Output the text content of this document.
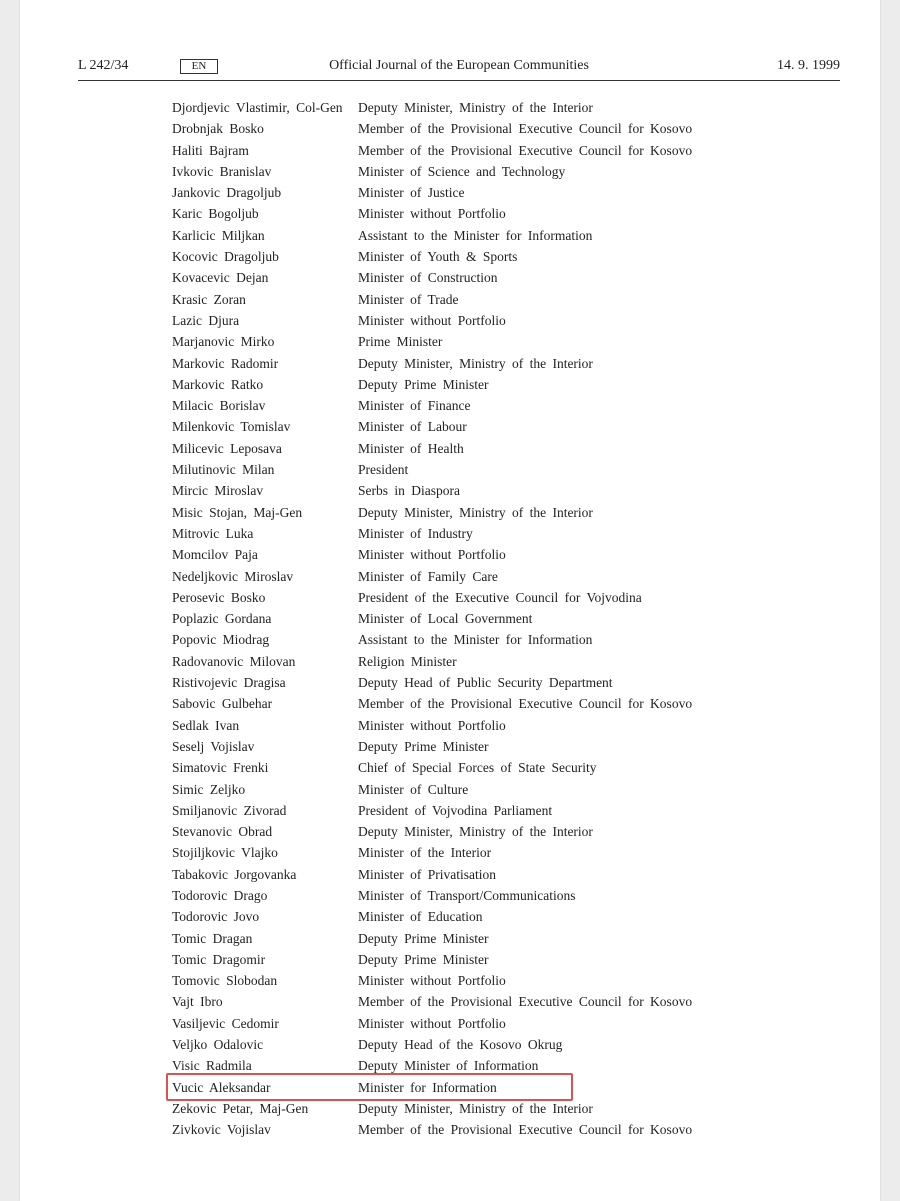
L 242/34	EN	Official Journal of the European Communities	14. 9. 1999
Djordjevic Vlastimir, Col-Gen	Deputy Minister, Ministry of the Interior
Drobnjak Bosko	Member of the Provisional Executive Council for Kosovo
Haliti Bajram	Member of the Provisional Executive Council for Kosovo
Ivkovic Branislav	Minister of Science and Technology
Jankovic Dragoljub	Minister of Justice
Karic Bogoljub	Minister without Portfolio
Karlicic Miljkan	Assistant to the Minister for Information
Kocovic Dragoljub	Minister of Youth & Sports
Kovacevic Dejan	Minister of Construction
Krasic Zoran	Minister of Trade
Lazic Djura	Minister without Portfolio
Marjanovic Mirko	Prime Minister
Markovic Radomir	Deputy Minister, Ministry of the Interior
Markovic Ratko	Deputy Prime Minister
Milacic Borislav	Minister of Finance
Milenkovic Tomislav	Minister of Labour
Milicevic Leposava	Minister of Health
Milutinovic Milan	President
Mircic Miroslav	Serbs in Diaspora
Misic Stojan, Maj-Gen	Deputy Minister, Ministry of the Interior
Mitrovic Luka	Minister of Industry
Momcilov Paja	Minister without Portfolio
Nedeljkovic Miroslav	Minister of Family Care
Perosevic Bosko	President of the Executive Council for Vojvodina
Poplazic Gordana	Minister of Local Government
Popovic Miodrag	Assistant to the Minister for Information
Radovanovic Milovan	Religion Minister
Ristivojevic Dragisa	Deputy Head of Public Security Department
Sabovic Gulbehar	Member of the Provisional Executive Council for Kosovo
Sedlak Ivan	Minister without Portfolio
Seselj Vojislav	Deputy Prime Minister
Simatovic Frenki	Chief of Special Forces of State Security
Simic Zeljko	Minister of Culture
Smiljanovic Zivorad	President of Vojvodina Parliament
Stevanovic Obrad	Deputy Minister, Ministry of the Interior
Stojiljkovic Vlajko	Minister of the Interior
Tabakovic Jorgovanka	Minister of Privatisation
Todorovic Drago	Minister of Transport/Communications
Todorovic Jovo	Minister of Education
Tomic Dragan	Deputy Prime Minister
Tomic Dragomir	Deputy Prime Minister
Tomovic Slobodan	Minister without Portfolio
Vajt Ibro	Member of the Provisional Executive Council for Kosovo
Vasiljevic Cedomir	Minister without Portfolio
Veljko Odalovic	Deputy Head of the Kosovo Okrug
Visic Radmila	Deputy Minister of Information
Vucic Aleksandar	Minister for Information
Zekovic Petar, Maj-Gen	Deputy Minister, Ministry of the Interior
Zivkovic Vojislav	Member of the Provisional Executive Council for Kosovo
